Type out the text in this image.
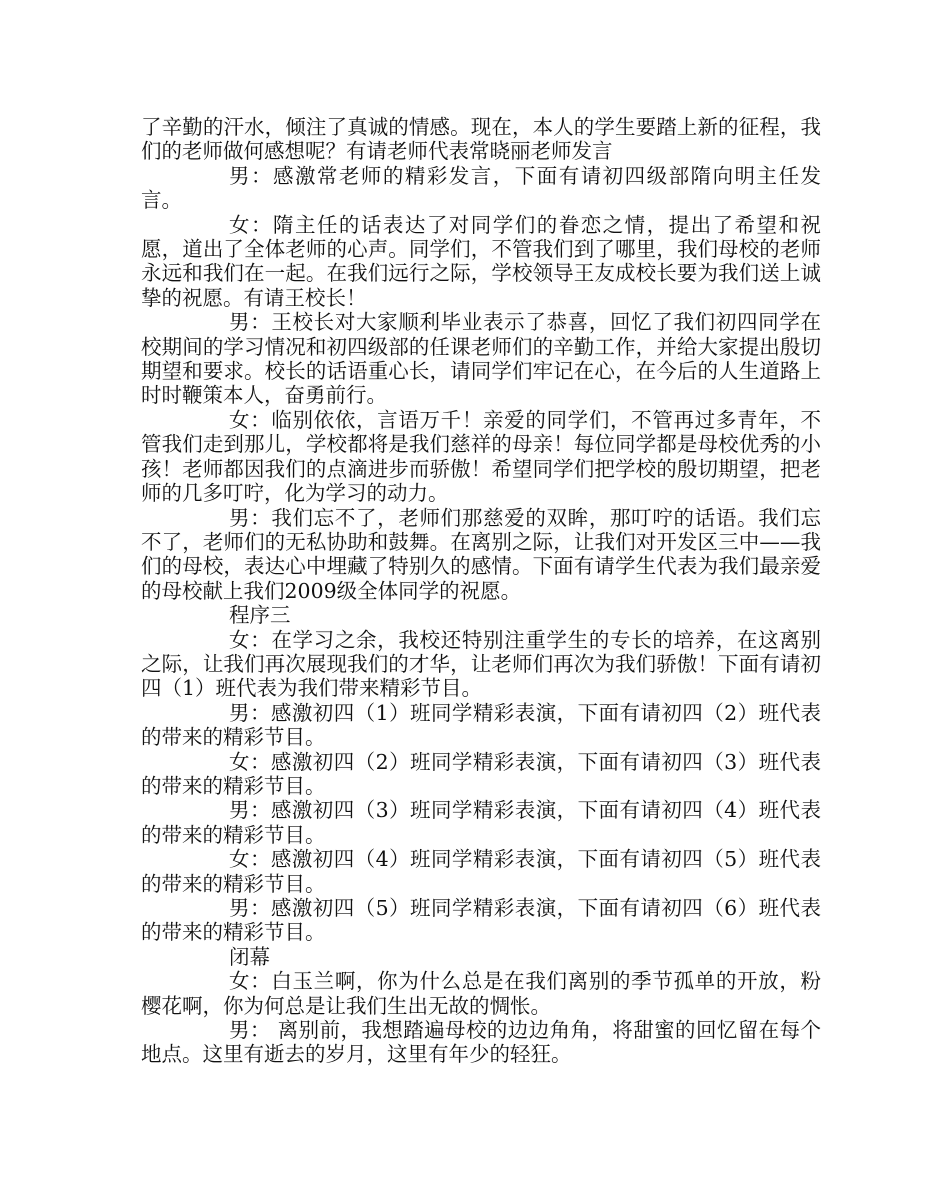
了辛勤的汗水，倾注了真诚的情感。现在，本人的学生要踏上新的征程，我们的老师做何感想呢？有请老师代表常晓丽老师发言

男：感激常老师的精彩发言，下面有请初四级部隋向明主任发言。

女：隋主任的话表达了对同学们的眷恋之情，提出了希望和祝愿，道出了全体老师的心声。同学们，不管我们到了哪里，我们母校的老师永远和我们在一起。在我们远行之际，学校领导王友成校长要为我们送上诚挚的祝愿。有请王校长！

男：王校长对大家顺利毕业表示了恭喜，回忆了我们初四同学在校期间的学习情况和初四级部的任课老师们的辛勤工作，并给大家提出殷切期望和要求。校长的话语重心长，请同学们牢记在心，在今后的人生道路上时时鞭策本人，奋勇前行。

女：临别依依，言语万千！亲爱的同学们，不管再过多青年，不管我们走到那儿，学校都将是我们慈祥的母亲！每位同学都是母校优秀的小孩！老师都因我们的点滴进步而骄傲！希望同学们把学校的殷切期望，把老师的几多叮咛，化为学习的动力。

男：我们忘不了，老师们那慈爱的双眸，那叮咛的话语。我们忘不了，老师们的无私协助和鼓舞。在离别之际，让我们对开发区三中——我们的母校，表达心中埋藏了特别久的感情。下面有请学生代表为我们最亲爱的母校献上我们2009级全体同学的祝愿。

程序三

女：在学习之余，我校还特别注重学生的专长的培养，在这离别之际，让我们再次展现我们的才华，让老师们再次为我们骄傲！下面有请初四（1）班代表为我们带来精彩节目。

男：感激初四（1）班同学精彩表演，下面有请初四（2）班代表的带来的精彩节目。

女：感激初四（2）班同学精彩表演，下面有请初四（3）班代表的带来的精彩节目。

男：感激初四（3）班同学精彩表演，下面有请初四（4）班代表的带来的精彩节目。

女：感激初四（4）班同学精彩表演，下面有请初四（5）班代表的带来的精彩节目。

男：感激初四（5）班同学精彩表演，下面有请初四（6）班代表的带来的精彩节目。

闭幕

女：白玉兰啊，你为什么总是在我们离别的季节孤单的开放，粉樱花啊，你为何总是让我们生出无故的惆怅。

男： 离别前，我想踏遍母校的边边角角，将甜蜜的回忆留在每个地点。这里有逝去的岁月，这里有年少的轻狂。
